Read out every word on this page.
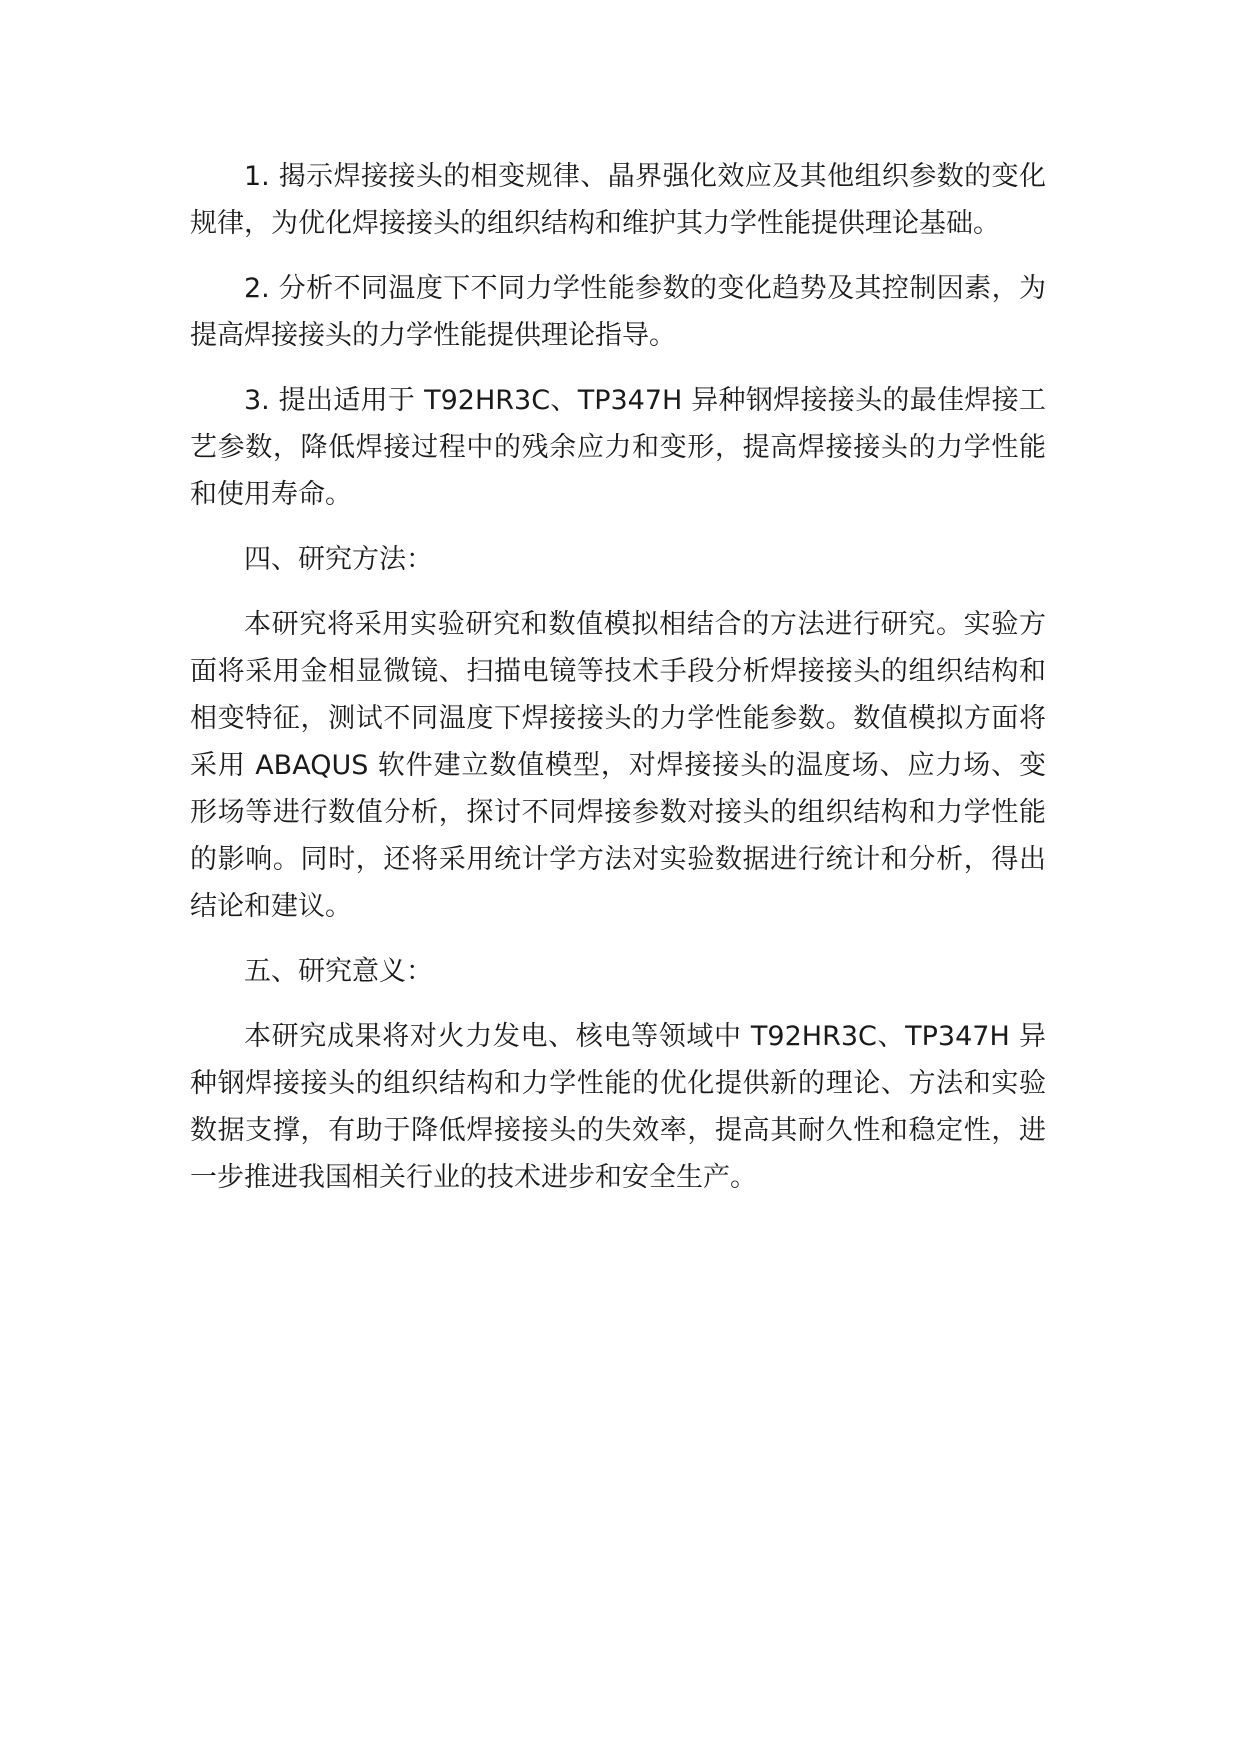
1. 揭示焊接接头的相变规律、晶界强化效应及其他组织参数的变化规律，为优化焊接接头的组织结构和维护其力学性能提供理论基础。

2. 分析不同温度下不同力学性能参数的变化趋势及其控制因素，为提高焊接接头的力学性能提供理论指导。

3. 提出适用于 T92HR3C、TP347H 异种钢焊接接头的最佳焊接工艺参数，降低焊接过程中的残余应力和变形，提高焊接接头的力学性能和使用寿命。

四、研究方法：

本研究将采用实验研究和数值模拟相结合的方法进行研究。实验方面将采用金相显微镜、扫描电镜等技术手段分析焊接接头的组织结构和相变特征，测试不同温度下焊接接头的力学性能参数。数值模拟方面将采用 ABAQUS 软件建立数值模型，对焊接接头的温度场、应力场、变形场等进行数值分析，探讨不同焊接参数对接头的组织结构和力学性能的影响。同时，还将采用统计学方法对实验数据进行统计和分析，得出结论和建议。

五、研究意义：

本研究成果将对火力发电、核电等领域中 T92HR3C、TP347H 异种钢焊接接头的组织结构和力学性能的优化提供新的理论、方法和实验数据支撑，有助于降低焊接接头的失效率，提高其耐久性和稳定性，进一步推进我国相关行业的技术进步和安全生产。
